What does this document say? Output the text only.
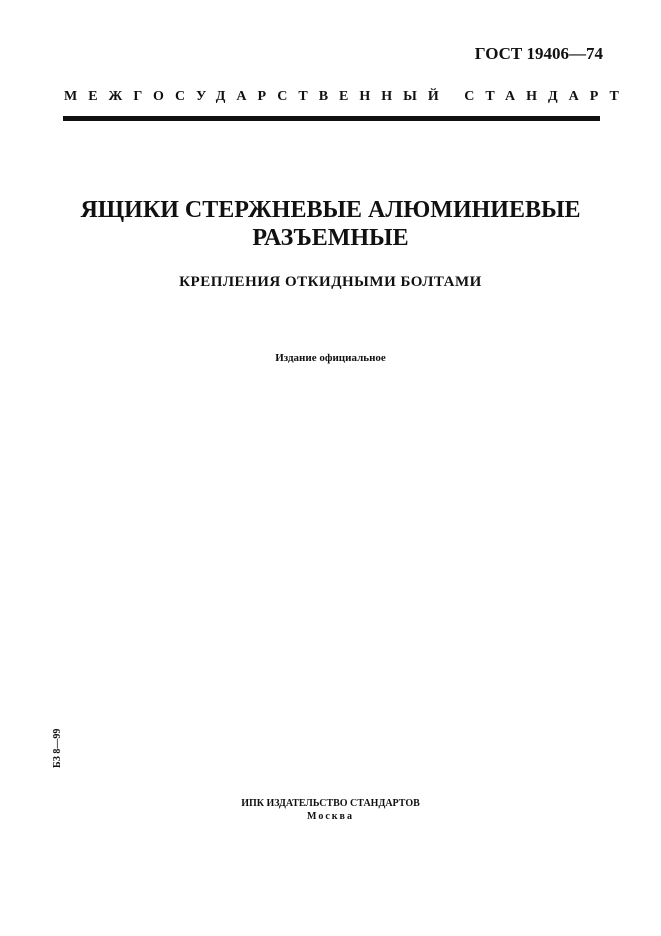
ГОСТ 19406—74
МЕЖГОСУДАРСТВЕННЫЙ СТАНДАРТ
ЯЩИКИ СТЕРЖНЕВЫЕ АЛЮМИНИЕВЫЕ
РАЗЪЕМНЫЕ
КРЕПЛЕНИЯ ОТКИДНЫМИ БОЛТАМИ
Издание официальное
БЗ 8—99
ИПК ИЗДАТЕЛЬСТВО СТАНДАРТОВ
Москва
